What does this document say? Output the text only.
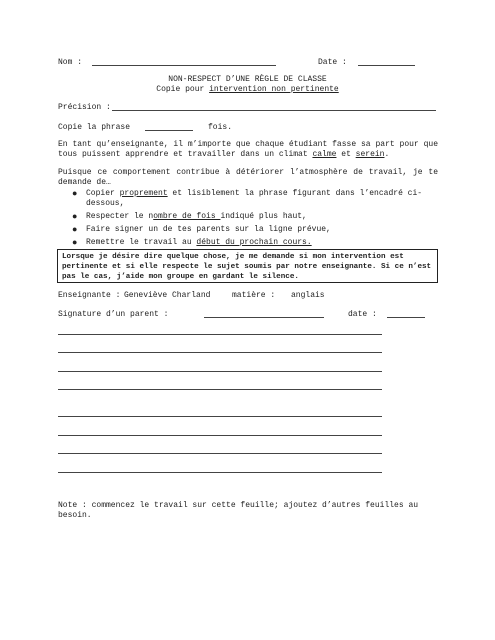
Nom :	Date :
NON-RESPECT D’UNE RÈGLE DE CLASSE
Copie pour intervention non pertinente
Précision :
Copie la phrase	fois.
En tant qu’enseignante, il m’importe que chaque étudiant fasse sa part pour que tous puissent apprendre et travailler dans un climat calme et serein.
Puisque ce comportement contribue à détériorer l’atmosphère de travail, je te demande de…
● Copier proprement et lisiblement la phrase figurant dans l’encadré ci-dessous,
● Respecter le nombre de fois indiqué plus haut,
● Faire signer un de tes parents sur la ligne prévue,
● Remettre le travail au début du prochain cours.
Lorsque je désire dire quelque chose, je me demande si mon intervention est pertinente et si elle respecte le sujet soumis par notre enseignante. Si ce n’est pas le cas, j’aide mon groupe en gardant le silence.
Enseignante : Geneviève Charland	matière : anglais
Signature d’un parent :	date :
Note : commencez le travail sur cette feuille; ajoutez d’autres feuilles au besoin.
